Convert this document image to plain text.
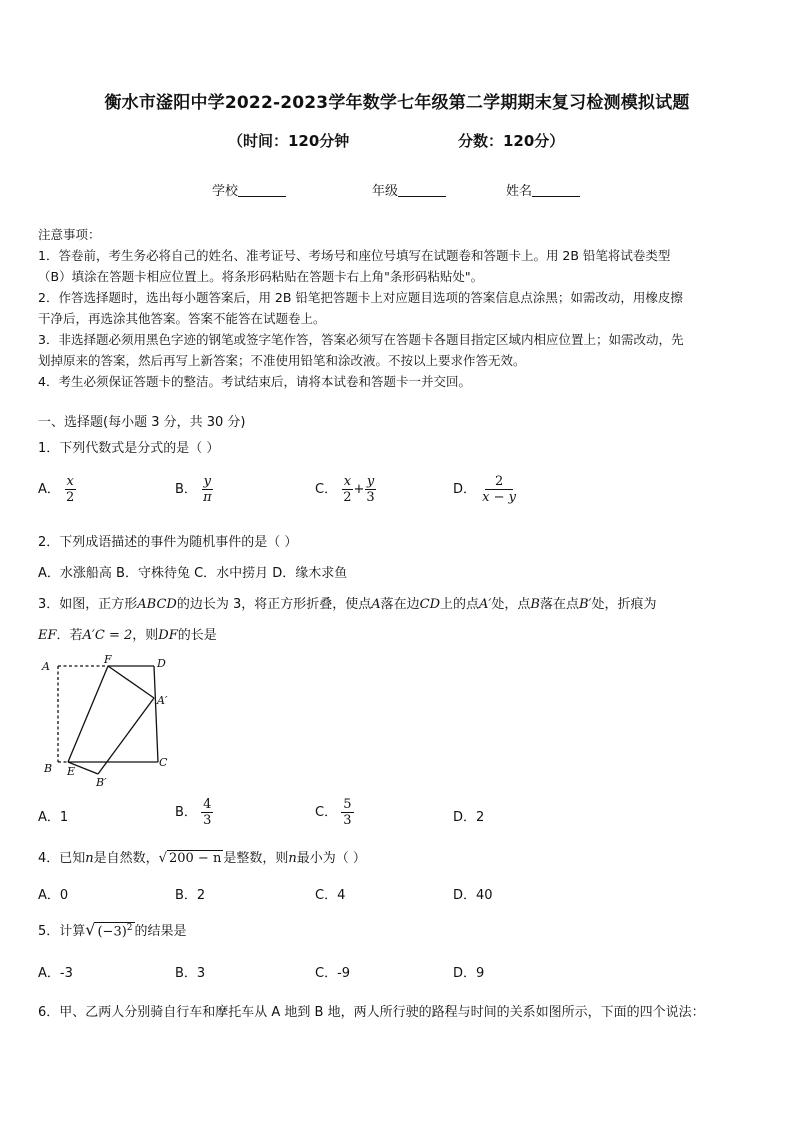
衡水市滏阳中学2022-2023学年数学七年级第二学期期末复习检测模拟试题
（时间：120分钟	分数：120分）
学校	年级	姓名
注意事项：
1．答卷前，考生务必将自己的姓名、准考证号、考场号和座位号填写在试题卷和答题卡上。用 2B 铅笔将试卷类型
（B）填涂在答题卡相应位置上。将条形码粘贴在答题卡右上角"条形码粘贴处"。
2．作答选择题时，选出每小题答案后，用 2B 铅笔把答题卡上对应题目选项的答案信息点涂黑；如需改动，用橡皮擦
干净后，再选涂其他答案。答案不能答在试题卷上。
3．非选择题必须用黑色字迹的钢笔或签字笔作答，答案必须写在答题卡各题目指定区域内相应位置上；如需改动，先
划掉原来的答案，然后再写上新答案；不准使用铅笔和涂改液。不按以上要求作答无效。
4．考生必须保证答题卡的整洁。考试结束后，请将本试卷和答题卡一并交回。
一、选择题(每小题 3 分，共 30 分)
1．下列代数式是分式的是（ ）
A． $\frac{x}{2}$	B． $\frac{y}{\pi}$	C． $\frac{x}{2} + \frac{y}{3}$	D． $\frac{2}{x - y}$
2．下列成语描述的事件为随机事件的是（ ）
A．水涨船高 B．守株待兔 C．水中捞月 D．缘木求鱼
3．如图，正方形ABCD的边长为 3，将正方形折叠，使点A落在边CD上的点A′处，点B落在点B′处，折痕为
EF．若A′C = 2，则DF的长是
A
F	D
A′
B E
B′
C
A．1	B． $\frac{4}{3}$	C． $\frac{5}{3}$	D．2
4．已知n是自然数，√ 200 − n 是整数，则n最小为（ ）
A．0	B．2	C．4	D．40
5．计算√ $(-3)^2$ 的结果是
A．-3	B．3	C．-9	D．9
6．甲、乙两人分别骑自行车和摩托车从 A 地到 B 地，两人所行驶的路程与时间的关系如图所示，下面的四个说法：
